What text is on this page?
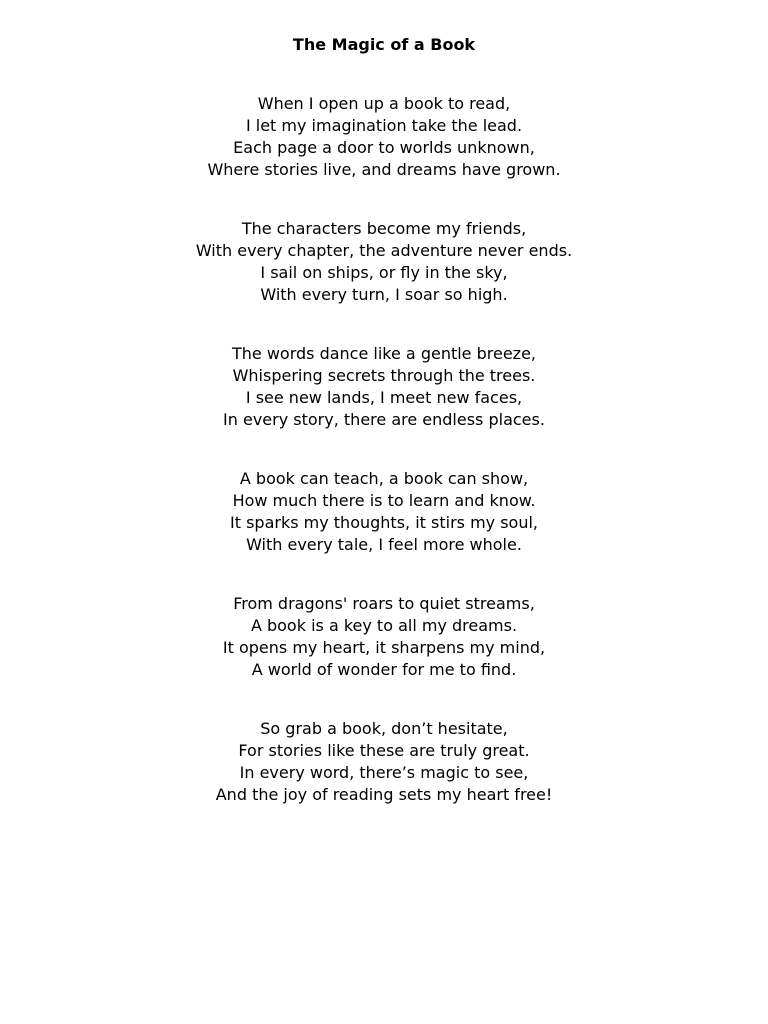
The Magic of a Book
When I open up a book to read,
I let my imagination take the lead.
Each page a door to worlds unknown,
Where stories live, and dreams have grown.
The characters become my friends,
With every chapter, the adventure never ends.
I sail on ships, or fly in the sky,
With every turn, I soar so high.
The words dance like a gentle breeze,
Whispering secrets through the trees.
I see new lands, I meet new faces,
In every story, there are endless places.
A book can teach, a book can show,
How much there is to learn and know.
It sparks my thoughts, it stirs my soul,
With every tale, I feel more whole.
From dragons' roars to quiet streams,
A book is a key to all my dreams.
It opens my heart, it sharpens my mind,
A world of wonder for me to find.
So grab a book, don’t hesitate,
For stories like these are truly great.
In every word, there’s magic to see,
And the joy of reading sets my heart free!
